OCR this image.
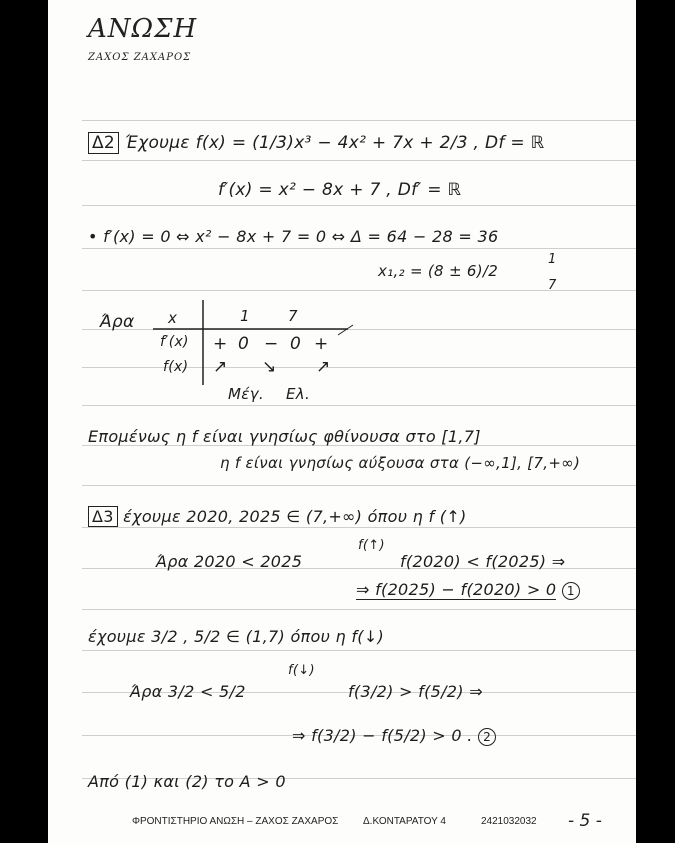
ΑΝΩΣΗ
ΖΑΧΟΣ ΖΑΧΑΡΟΣ
Δ2 Έχουμε f(x) = (1/3)x³ − 4x² + 7x + 2/3 , Df = ℝ
f′(x) = x² − 8x + 7 , Df′ = ℝ
• f′(x) = 0 ⇔ x² − 8x + 7 = 0 ⇔ Δ = 64 − 28 = 36
x₁,₂ = (8 ± 6)/2
1
7
Άρα x	1	7
f′(x) + 0 − 0 +
f(x) ↗ ↘ ↗
Μέγ. Ελ.
Επομένως η f είναι γνησίως φθίνουσα στο [1,7]
η f είναι γνησίως αύξουσα στα (−∞,1], [7,+∞)
Δ3 έχουμε 2020, 2025 ∈ (7,+∞) όπου η f (↑)
Άρα 2020 < 2025
f(↑)
f(2020) < f(2025) ⇒
⇒ f(2025) − f(2020) > 0 1
έχουμε 3/2 , 5/2 ∈ (1,7) όπου η f(↓)
Άρα 3/2 < 5/2
f(↓)
f(3/2) > f(5/2) ⇒
⇒ f(3/2) − f(5/2) > 0 . 2
Από (1) και (2) το Α > 0
ΦΡΟΝΤΙΣΤΗΡΙΟ ΑΝΩΣΗ – ΖΑΧΟΣ ΖΑΧΑΡΟΣ Δ.ΚΟΝΤΑΡΑΤΟΥ 4	2421032032 - 5 -
